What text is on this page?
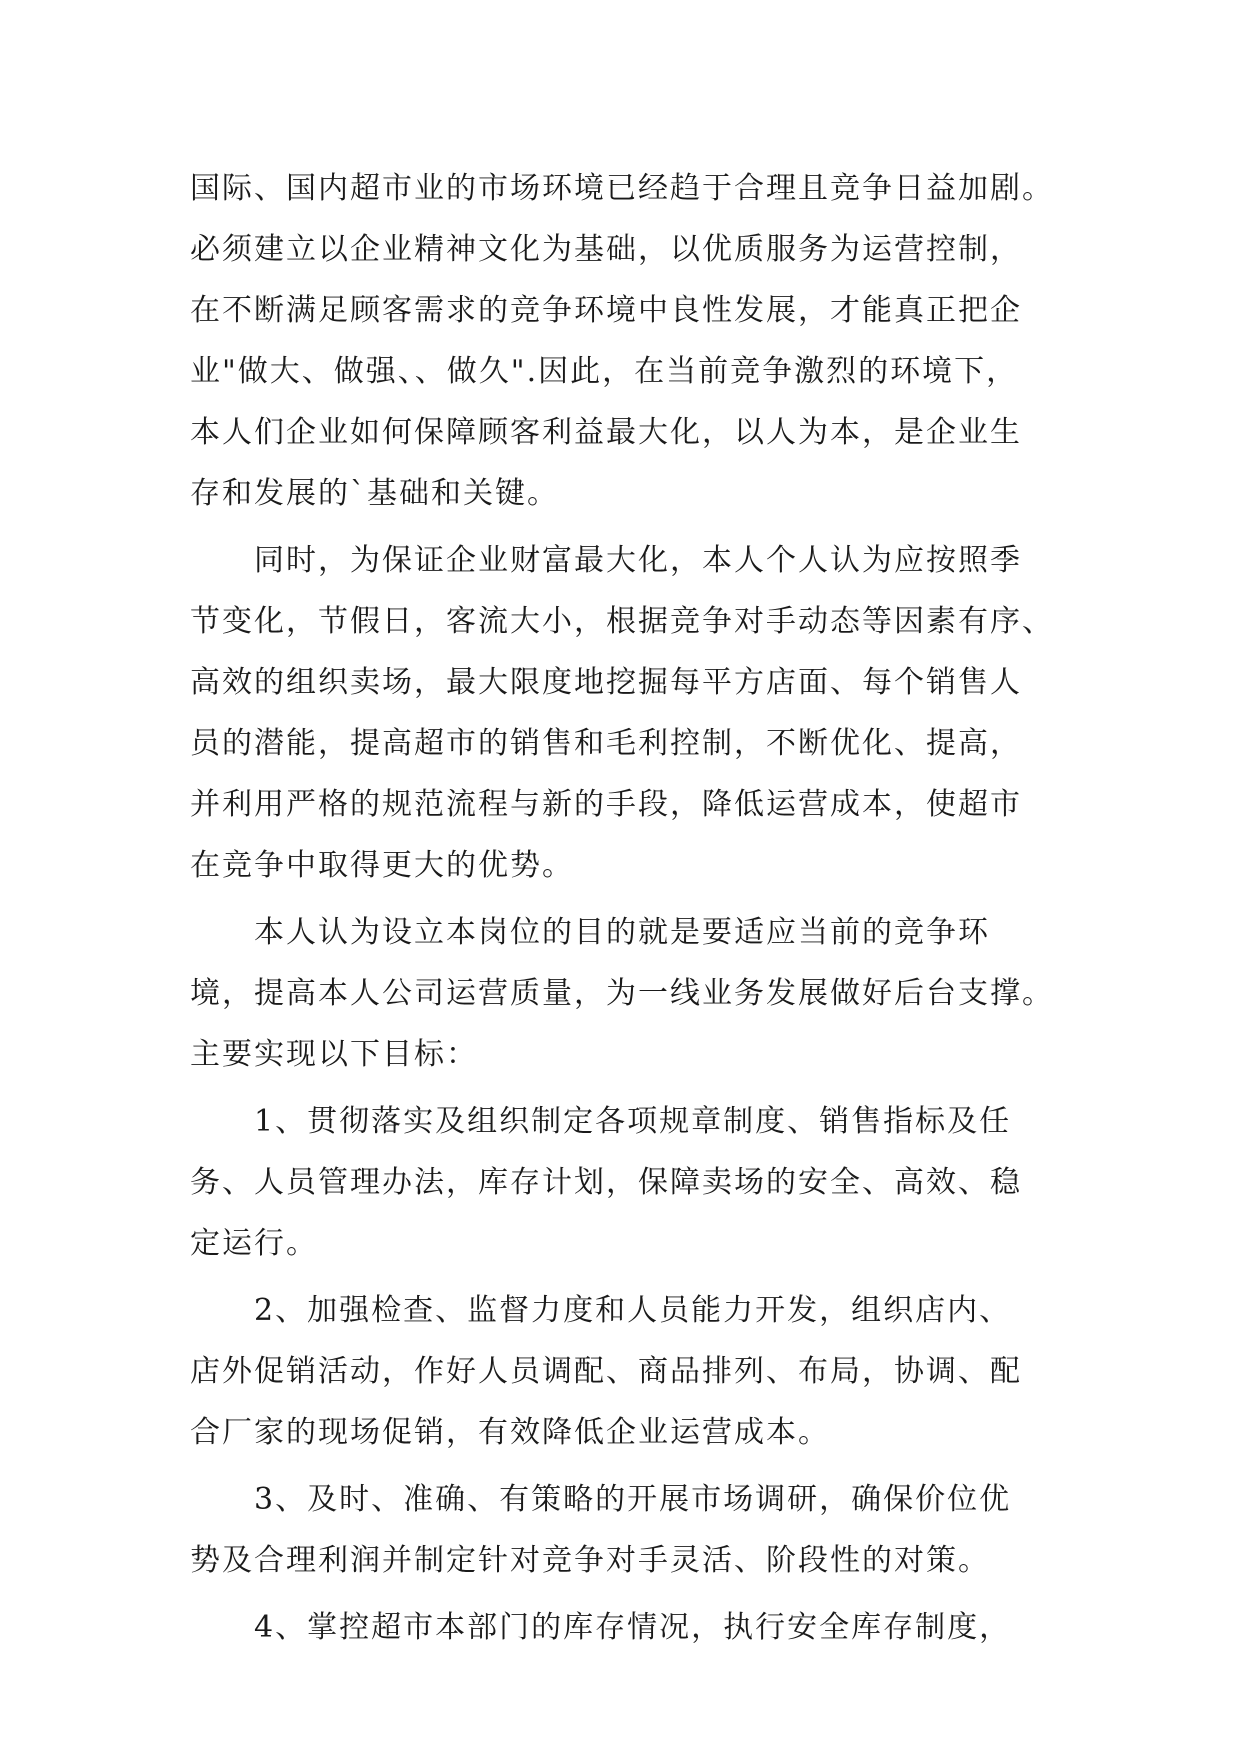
国际、国内超市业的市场环境已经趋于合理且竞争日益加剧。
必须建立以企业精神文化为基础，以优质服务为运营控制，
在不断满足顾客需求的竞争环境中良性发展，才能真正把企
业"做大、做强、、做久".因此，在当前竞争激烈的环境下，
本人们企业如何保障顾客利益最大化，以人为本，是企业生
存和发展的`基础和关键。
同时，为保证企业财富最大化，本人个人认为应按照季
节变化，节假日，客流大小，根据竞争对手动态等因素有序、
高效的组织卖场，最大限度地挖掘每平方店面、每个销售人
员的潜能，提高超市的销售和毛利控制，不断优化、提高，
并利用严格的规范流程与新的手段，降低运营成本，使超市
在竞争中取得更大的优势。
本人认为设立本岗位的目的就是要适应当前的竞争环
境，提高本人公司运营质量，为一线业务发展做好后台支撑。
主要实现以下目标：
1、贯彻落实及组织制定各项规章制度、销售指标及任
务、人员管理办法，库存计划，保障卖场的安全、高效、稳
定运行。
2、加强检查、监督力度和人员能力开发，组织店内、
店外促销活动，作好人员调配、商品排列、布局，协调、配
合厂家的现场促销，有效降低企业运营成本。
3、及时、准确、有策略的开展市场调研，确保价位优
势及合理利润并制定针对竞争对手灵活、阶段性的对策。
4、掌控超市本部门的库存情况，执行安全库存制度，
